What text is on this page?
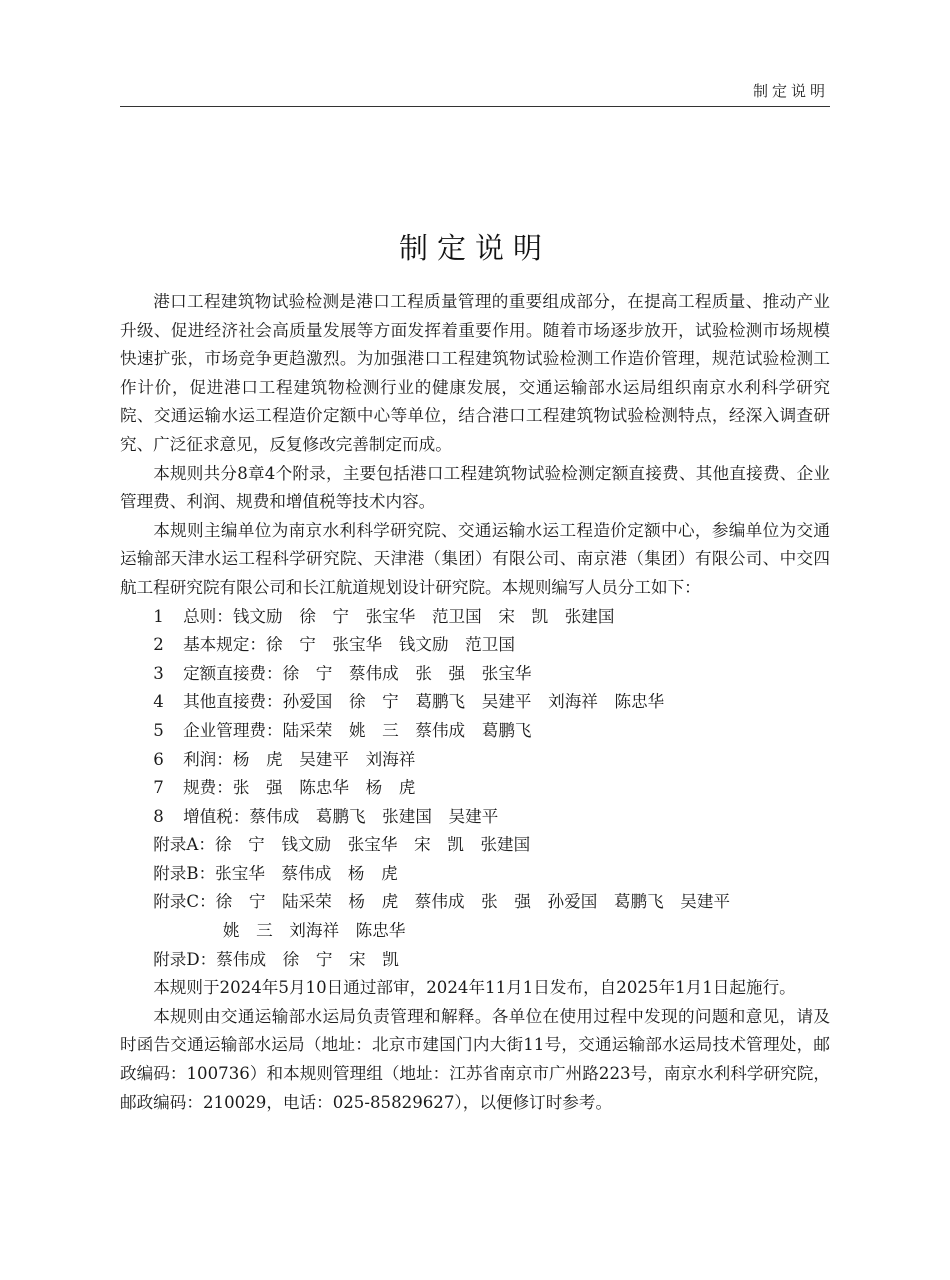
制定说明
制定说明

港口工程建筑物试验检测是港口工程质量管理的重要组成部分，在提高工程质量、推动产业升级、促进经济社会高质量发展等方面发挥着重要作用。随着市场逐步放开，试验检测市场规模快速扩张，市场竞争更趋激烈。为加强港口工程建筑物试验检测工作造价管理，规范试验检测工作计价，促进港口工程建筑物检测行业的健康发展，交通运输部水运局组织南京水利科学研究院、交通运输水运工程造价定额中心等单位，结合港口工程建筑物试验检测特点，经深入调查研究、广泛征求意见，反复修改完善制定而成。

本规则共分8章4个附录，主要包括港口工程建筑物试验检测定额直接费、其他直接费、企业管理费、利润、规费和增值税等技术内容。

本规则主编单位为南京水利科学研究院、交通运输水运工程造价定额中心，参编单位为交通运输部天津水运工程科学研究院、天津港（集团）有限公司、南京港（集团）有限公司、中交四航工程研究院有限公司和长江航道规划设计研究院。本规则编写人员分工如下：

1 总则：钱文励　徐　宁　张宝华　范卫国　宋　凯　张建国
2 基本规定：徐　宁　张宝华　钱文励　范卫国
3 定额直接费：徐　宁　蔡伟成　张　强　张宝华
4 其他直接费：孙爱国　徐　宁　葛鹏飞　吴建平　刘海祥　陈忠华
5 企业管理费：陆采荣　姚　三　蔡伟成　葛鹏飞
6 利润：杨　虎　吴建平　刘海祥
7 规费：张　强　陈忠华　杨　虎
8 增值税：蔡伟成　葛鹏飞　张建国　吴建平
附录A：徐　宁　钱文励　张宝华　宋　凯　张建国
附录B：张宝华　蔡伟成　杨　虎
附录C：徐　宁　陆采荣　杨　虎　蔡伟成　张　强　孙爱国　葛鹏飞　吴建平
姚　三　刘海祥　陈忠华
附录D：蔡伟成　徐　宁　宋　凯

本规则于2024年5月10日通过部审，2024年11月1日发布，自2025年1月1日起施行。

本规则由交通运输部水运局负责管理和解释。各单位在使用过程中发现的问题和意见，请及时函告交通运输部水运局（地址：北京市建国门内大街11号，交通运输部水运局技术管理处，邮政编码：100736）和本规则管理组（地址：江苏省南京市广州路223号，南京水利科学研究院，邮政编码：210029，电话：025-85829627），以便修订时参考。
